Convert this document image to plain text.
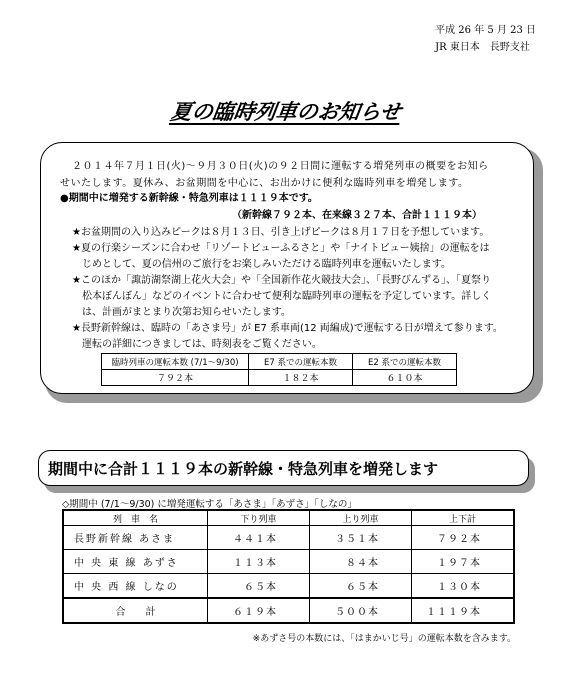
平成 26 年 5 月 23 日
JR 東日本　長野支社
夏の臨時列車のお知らせ
２０１４年７月１日(火)～９月３０日(火)の９２日間に運転する増発列車の概要をお知ら
せいたします。夏休み、お盆期間を中心に、お出かけに便利な臨時列車を増発します。
●期間中に増発する新幹線・特急列車は１１１９本です。
（新幹線７９２本、在来線３２７本、合計１１１９本）
★お盆期間の入り込みピークは８月１３日、引き上げピークは８月１７日を予想しています。
★夏の行楽シーズンに合わせ「リゾートビューふるさと」や「ナイトビュー姨捨」の運転をは
じめとして、夏の信州のご旅行をお楽しみいただける臨時列車を運転いたします。
★このほか「諏訪湖祭湖上花火大会」や「全国新作花火競技大会」、「長野びんずる」、「夏祭り
松本ぼんぼん」などのイベントに合わせて便利な臨時列車の運転を予定しています。詳しく
は、計画がまとまり次第お知らせいたします。
★長野新幹線は、臨時の「あさま号」が E7 系車両(12 両編成)で運転する日が増えて参ります。
運転の詳細につきましては、時刻表をご覧ください。
臨時列車の運転本数 (7/1～9/30)	E7 系での運転本数	E2 系での運転本数
７９２本	１８２本	６１０本
期間中に合計１１１９本の新幹線・特急列車を増発します
◇期間中 (7/1～9/30) に増発運転する「あさま」「あずさ」「しなの」
列　車　名	下り列車	上り列車	上下計
長野新幹線 あさま	４４１本	３５１本	７９２本
中 央 東 線 あずさ	１１３本	８４本	１９７本
中 央 西 線 しなの	６５本	６５本	１３０本
合　　計	６１９本	５００本	１１１９本
※あずさ号の本数には、「はまかいじ号」の運転本数を含みます。
